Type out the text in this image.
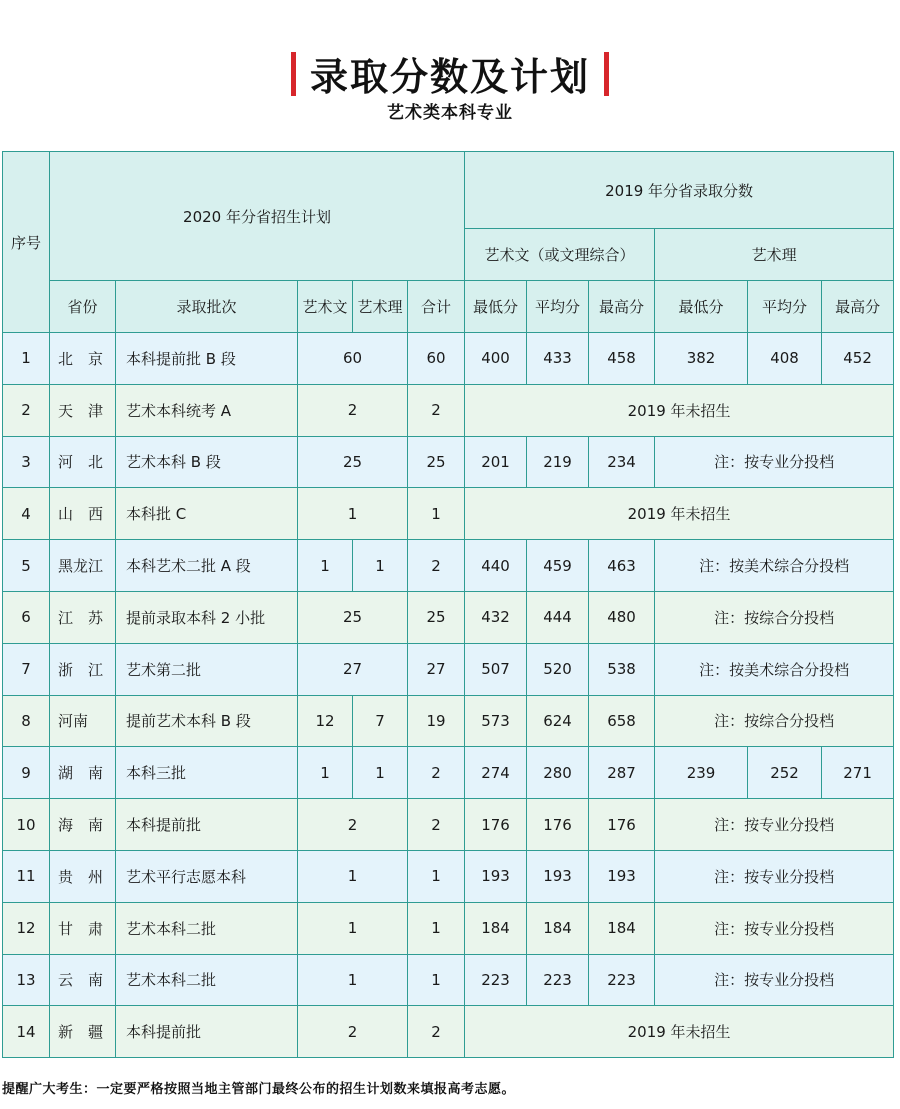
录取分数及计划
艺术类本科专业
序号	2020 年分省招生计划					2019 年分省录取分数					
						艺术文（或文理综合）			艺术理		
	省份	录取批次	艺术文	艺术理	合计	最低分	平均分	最高分	最低分	平均分	最高分
1	北　京	本科提前批 B 段	60		60	400	433	458	382	408	452
2	天　津	艺术本科统考 A	2		2	2019 年未招生					
3	河　北	艺术本科 B 段	25		25	201	219	234	注：按专业分投档		
4	山　西	本科批 C	1		1	2019 年未招生					
5	黑龙江	本科艺术二批 A 段	1	1	2	440	459	463	注：按美术综合分投档		
6	江　苏	提前录取本科 2 小批	25		25	432	444	480	注：按综合分投档		
7	浙　江	艺术第二批	27		27	507	520	538	注：按美术综合分投档		
8	河南	提前艺术本科 B 段	12	7	19	573	624	658	注：按综合分投档		
9	湖　南	本科三批	1	1	2	274	280	287	239	252	271
10	海　南	本科提前批	2		2	176	176	176	注：按专业分投档		
11	贵　州	艺术平行志愿本科	1		1	193	193	193	注：按专业分投档		
12	甘　肃	艺术本科二批	1		1	184	184	184	注：按专业分投档		
13	云　南	艺术本科二批	1		1	223	223	223	注：按专业分投档		
14	新　疆	本科提前批	2		2	2019 年未招生					
提醒广大考生：一定要严格按照当地主管部门最终公布的招生计划数来填报高考志愿。
